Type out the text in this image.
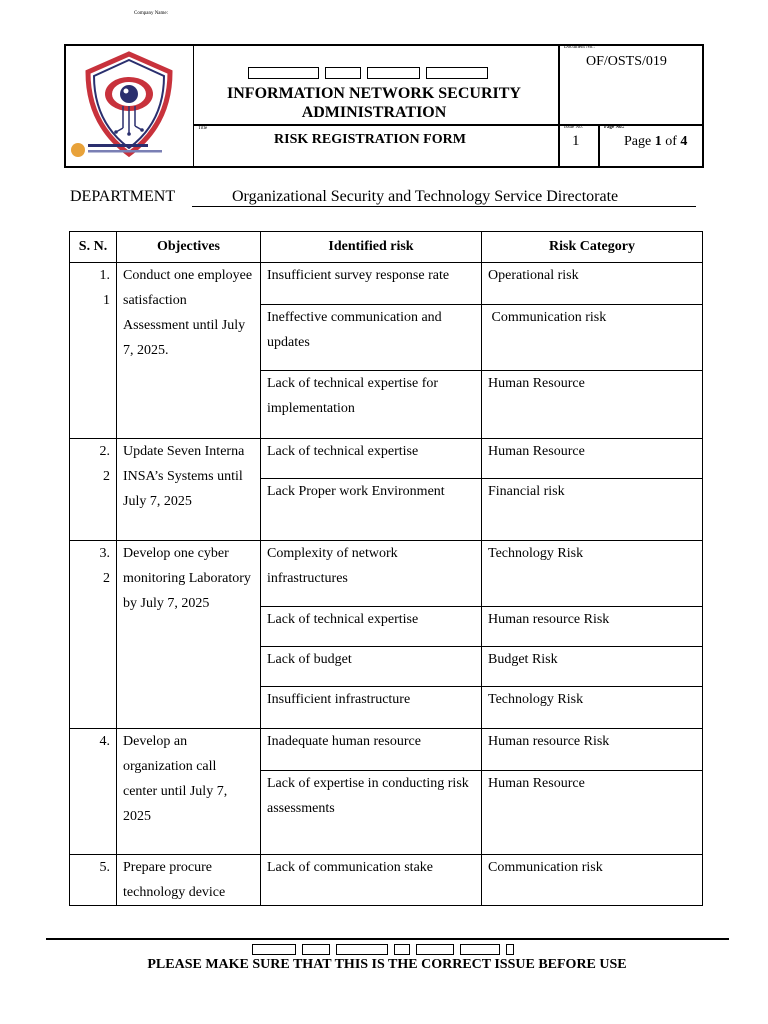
Company Name:
Title
Document No.:
Issue No.	Page No.:
INFORMATION NETWORK SECURITY ADMINISTRATION
RISK REGISTRATION FORM
OF/OSTS/019
1	Page 1 of 4
DEPARTMENT	Organizational Security and Technology Service Directorate
S. N.	Objectives	Identified risk	Risk Category
1.
1	Conduct one employee satisfaction Assessment until July 7, 2025.	Insufficient survey response rate	Operational risk
		Ineffective communication and updates	Communication risk
		Lack of technical expertise for implementation	Human Resource
2.
2	Update Seven Interna INSA’s Systems until July 7, 2025	Lack of technical expertise	Human Resource
		Lack Proper work Environment	Financial risk
3.
2	Develop one cyber monitoring Laboratory by July 7, 2025	Complexity of network infrastructures	Technology Risk
		Lack of technical expertise	Human resource Risk
		Lack of budget	Budget Risk
		Insufficient infrastructure	Technology Risk
4.	Develop an organization call center until July 7, 2025	Inadequate human resource	Human resource Risk
		Lack of expertise in conducting risk assessments	Human Resource
5.	Prepare procure technology device	Lack of communication stake	Communication risk
PLEASE MAKE SURE THAT THIS IS THE CORRECT ISSUE BEFORE USE
